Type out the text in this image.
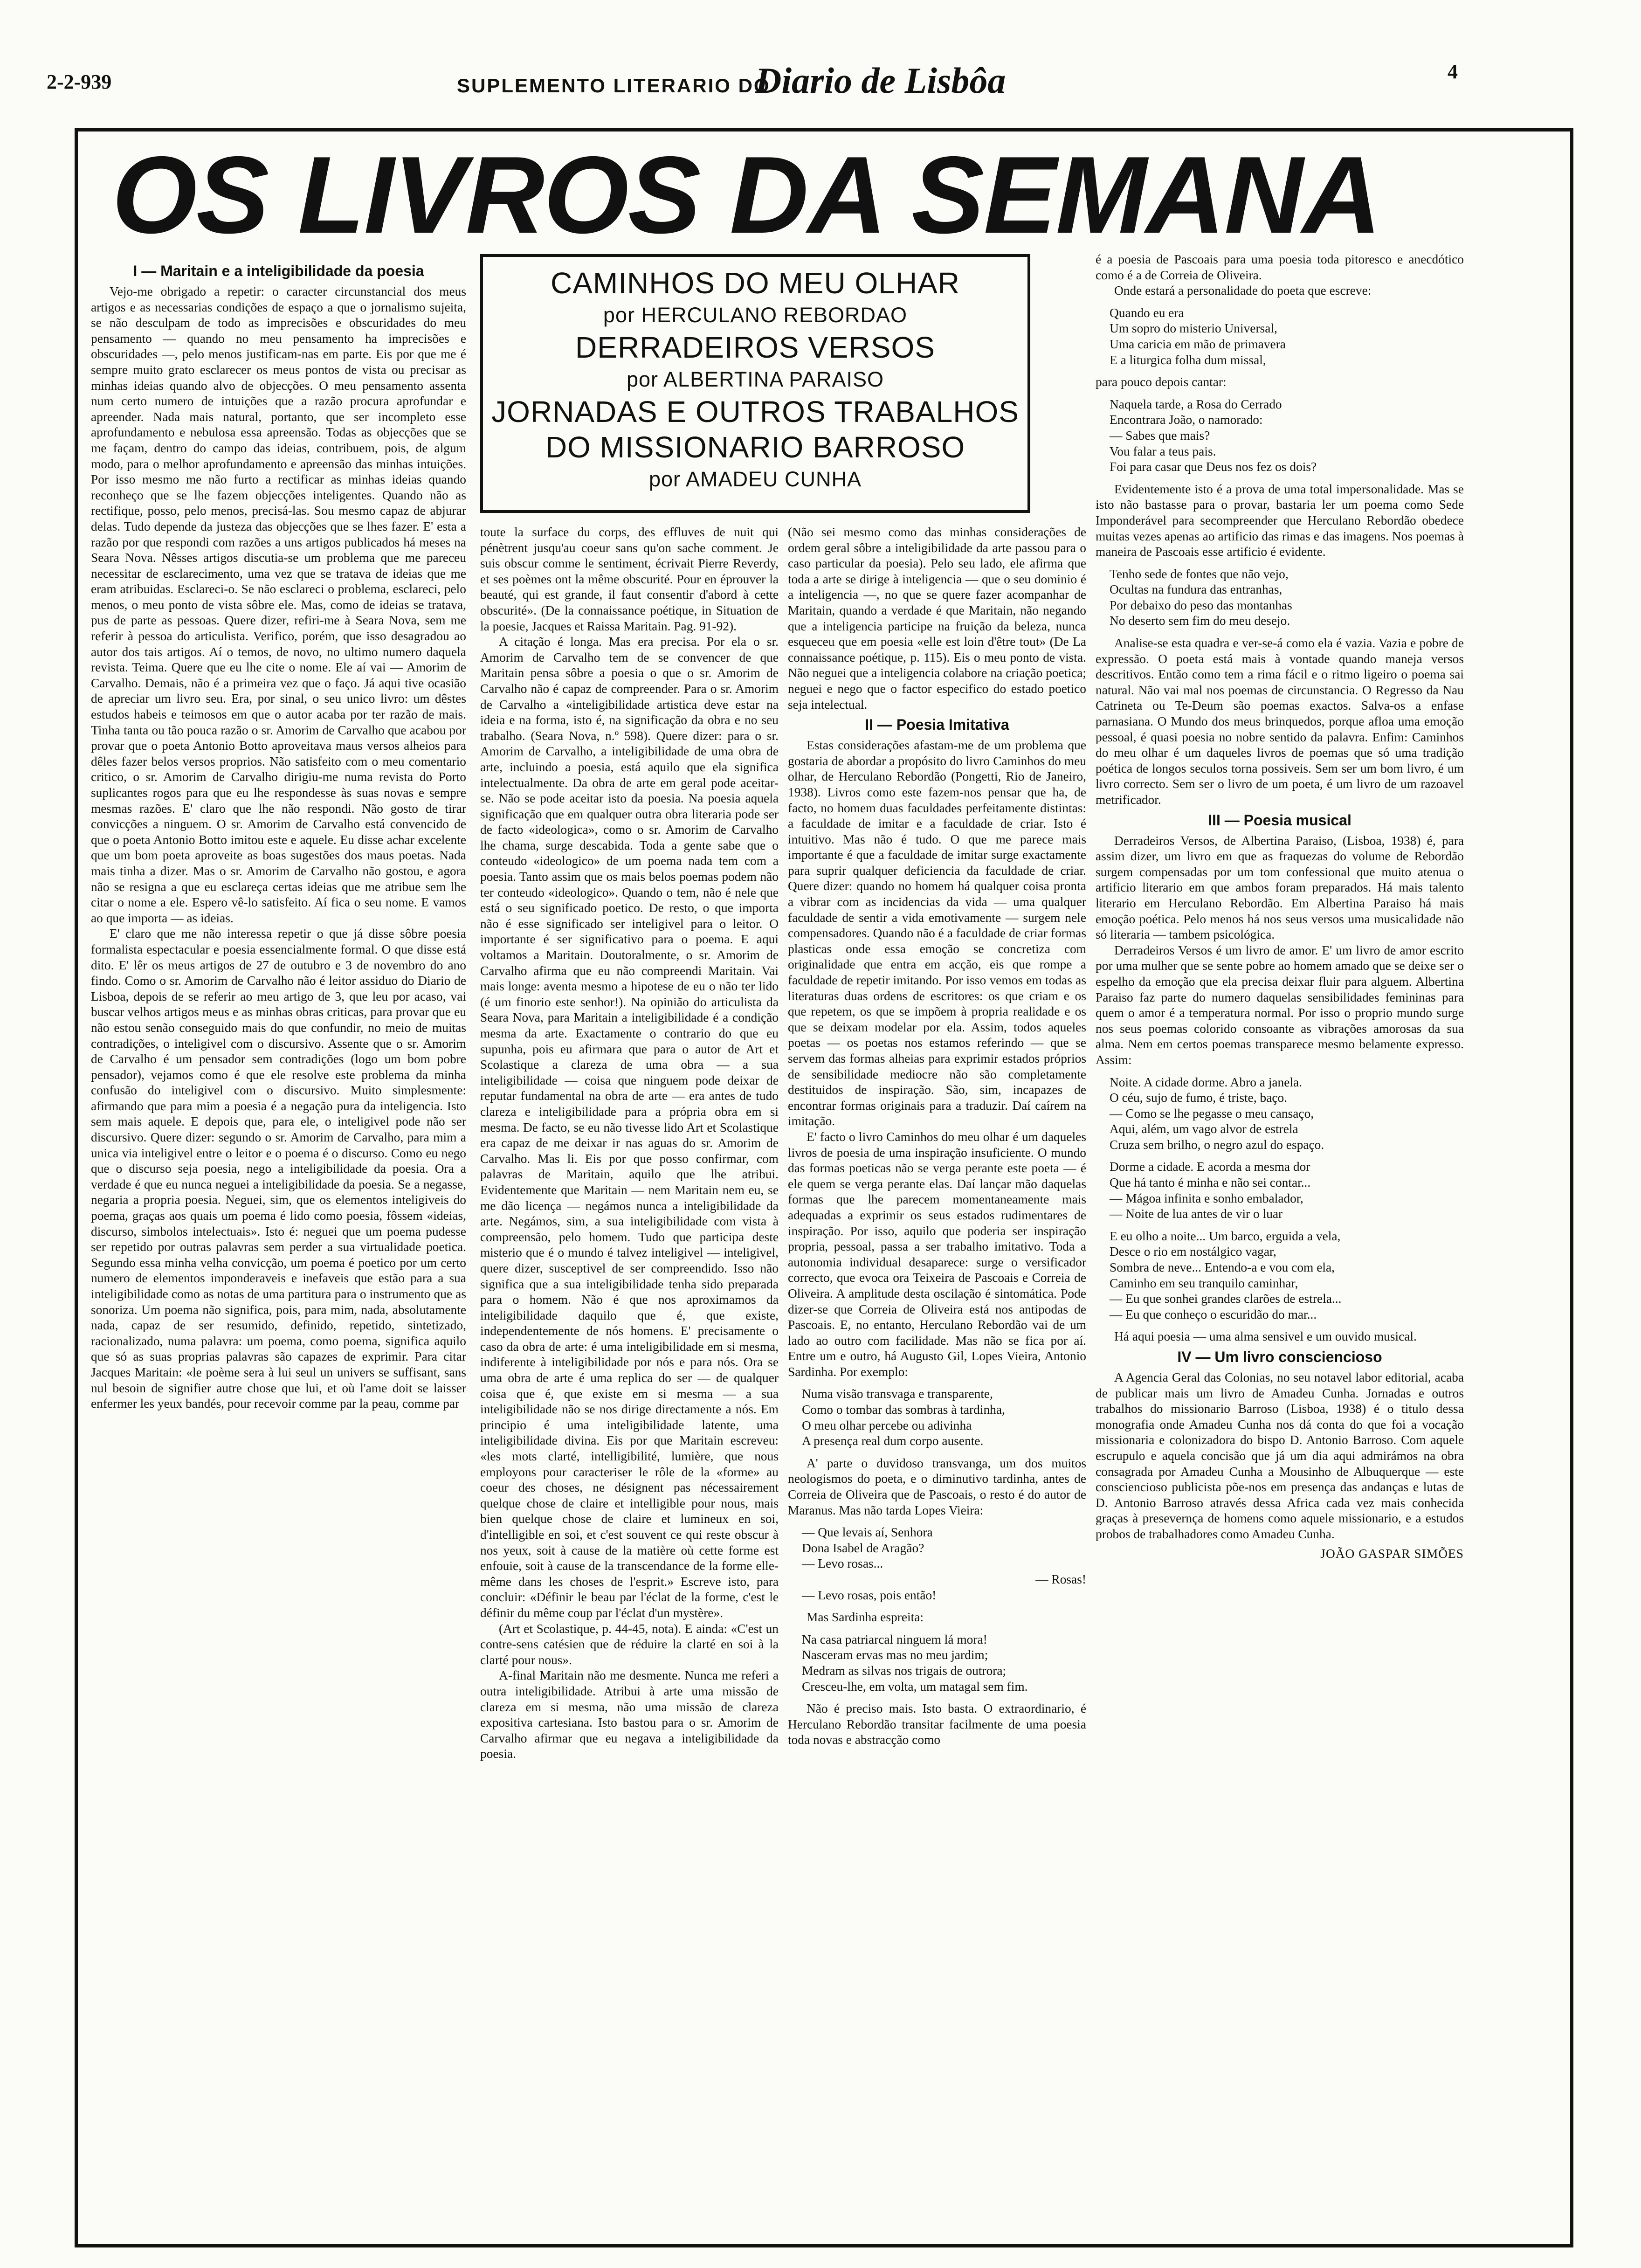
2-2-939	SUPLEMENTO LITERARIO DO
Diario de Lisbôa	4
OS LIVROS DA SEMANA
CAMINHOS DO MEU OLHAR
por HERCULANO REBORDAO
DERRADEIROS VERSOS
por ALBERTINA PARAISO
JORNADAS E OUTROS TRABALHOS
DO MISSIONARIO BARROSO
por AMADEU CUNHA
I — Maritain e a inteligibilidade da poesia

Vejo-me obrigado a repetir: o caracter circunstancial dos meus artigos e as necessarias condições de espaço a que o jornalismo sujeita, se não desculpam de todo as imprecisões e obscuridades do meu pensamento — quando no meu pensamento ha imprecisões e obscuridades —, pelo menos justificam-nas em parte. Eis por que me é sempre muito grato esclarecer os meus pontos de vista ou precisar as minhas ideias quando alvo de objecções. O meu pensamento assenta num certo numero de intuições que a razão procura aprofundar e apreender. Nada mais natural, portanto, que ser incompleto esse aprofundamento e nebulosa essa apreensão. Todas as objecções que se me façam, dentro do campo das ideias, contribuem, pois, de algum modo, para o melhor aprofundamento e apreensão das minhas intuições. Por isso mesmo me não furto a rectificar as minhas ideias quando reconheço que se lhe fazem objecções inteligentes. Quando não as rectifique, posso, pelo menos, precisá-las. Sou mesmo capaz de abjurar delas. Tudo depende da justeza das objecções que se lhes fazer. E' esta a razão por que respondi com razões a uns artigos publicados há meses na Seara Nova. Nêsses artigos discutia-se um problema que me pareceu necessitar de esclarecimento, uma vez que se tratava de ideias que me eram atribuidas. Esclareci-o. Se não esclareci o problema, esclareci, pelo menos, o meu ponto de vista sôbre ele. Mas, como de ideias se tratava, pus de parte as pessoas. Quere dizer, refiri-me à Seara Nova, sem me referir à pessoa do articulista. Verifico, porém, que isso desagradou ao autor dos tais artigos. Aí o temos, de novo, no ultimo numero daquela revista. Teima. Quere que eu lhe cite o nome. Ele aí vai — Amorim de Carvalho. Demais, não é a primeira vez que o faço. Já aqui tive ocasião de apreciar um livro seu. Era, por sinal, o seu unico livro: um dêstes estudos habeis e teimosos em que o autor acaba por ter razão de mais. Tinha tanta ou tão pouca razão o sr. Amorim de Carvalho que acabou por provar que o poeta Antonio Botto aproveitava maus versos alheios para dêles fazer belos versos proprios. Não satisfeito com o meu comentario critico, o sr. Amorim de Carvalho dirigiu-me numa revista do Porto suplicantes rogos para que eu lhe respondesse às suas novas e sempre mesmas razões. E' claro que lhe não respondi. Não gosto de tirar convicções a ninguem. O sr. Amorim de Carvalho está convencido de que o poeta Antonio Botto imitou este e aquele. Eu disse achar excelente que um bom poeta aproveite as boas sugestões dos maus poetas. Nada mais tinha a dizer. Mas o sr. Amorim de Carvalho não gostou, e agora não se resigna a que eu esclareça certas ideias que me atribue sem lhe citar o nome a ele. Espero vê-lo satisfeito. Aí fica o seu nome. E vamos ao que importa — as ideias.

E' claro que me não interessa repetir o que já disse sôbre poesia formalista espectacular e poesia essencialmente formal. O que disse está dito. E' lêr os meus artigos de 27 de outubro e 3 de novembro do ano findo. Como o sr. Amorim de Carvalho não é leitor assiduo do Diario de Lisboa, depois de se referir ao meu artigo de 3, que leu por acaso, vai buscar velhos artigos meus e as minhas obras criticas, para provar que eu não estou senão conseguido mais do que confundir, no meio de muitas contradições, o inteligivel com o discursivo. Assente que o sr. Amorim de Carvalho é um pensador sem contradições (logo um bom pobre pensador), vejamos como é que ele resolve este problema da minha confusão do inteligivel com o discursivo. Muito simplesmente: afirmando que para mim a poesia é a negação pura da inteligencia. Isto sem mais aquele. E depois que, para ele, o inteligivel pode não ser discursivo. Quere dizer: segundo o sr. Amorim de Carvalho, para mim a unica via inteligivel entre o leitor e o poema é o discurso. Como eu nego que o discurso seja poesia, nego a inteligibilidade da poesia. Ora a verdade é que eu nunca neguei a inteligibilidade da poesia. Se a negasse, negaria a propria poesia. Neguei, sim, que os elementos inteligiveis do poema, graças aos quais um poema é lido como poesia, fôssem «ideias, discurso, simbolos intelectuais». Isto é: neguei que um poema pudesse ser repetido por outras palavras sem perder a sua virtualidade poetica. Segundo essa minha velha convicção, um poema é poetico por um certo numero de elementos imponderaveis e inefaveis que estão para a sua inteligibilidade como as notas de uma partitura para o instrumento que as sonoriza. Um poema não significa, pois, para mim, nada, absolutamente nada, capaz de ser resumido, definido, repetido, sintetizado, racionalizado, numa palavra: um poema, como poema, significa aquilo que só as suas proprias palavras são capazes de exprimir. Para citar Jacques Maritain: «le poème sera à lui seul un univers se suffisant, sans nul besoin de signifier autre chose que lui, et où l'ame doit se laisser enfermer les yeux bandés, pour recevoir comme par la peau, comme par

toute la surface du corps, des effluves de nuit qui pénètrent jusqu'au coeur sans qu'on sache comment. Je suis obscur comme le sentiment, écrivait Pierre Reverdy, et ses poèmes ont la même obscurité. Pour en éprouver la beauté, qui est grande, il faut consentir d'abord à cette obscurité». (De la connaissance poétique, in Situation de la poesie, Jacques et Raissa Maritain. Pag. 91-92).

A citação é longa. Mas era precisa. Por ela o sr. Amorim de Carvalho tem de se convencer de que Maritain pensa sôbre a poesia o que o sr. Amorim de Carvalho não é capaz de compreender. Para o sr. Amorim de Carvalho a «inteligibilidade artistica deve estar na ideia e na forma, isto é, na significação da obra e no seu trabalho. (Seara Nova, n.º 598). Quere dizer: para o sr. Amorim de Carvalho, a inteligibilidade de uma obra de arte, incluindo a poesia, está aquilo que ela significa intelectualmente. Da obra de arte em geral pode aceitar-se. Não se pode aceitar isto da poesia. Na poesia aquela significação que em qualquer outra obra literaria pode ser de facto «ideologica», como o sr. Amorim de Carvalho lhe chama, surge descabida. Toda a gente sabe que o conteudo «ideologico» de um poema nada tem com a poesia. Tanto assim que os mais belos poemas podem não ter conteudo «ideologico». Quando o tem, não é nele que está o seu significado poetico. De resto, o que importa não é esse significado ser inteligivel para o leitor. O importante é ser significativo para o poema. E aqui voltamos a Maritain. Doutoralmente, o sr. Amorim de Carvalho afirma que eu não compreendi Maritain. Vai mais longe: aventa mesmo a hipotese de eu o não ter lido (é um finorio este senhor!). Na opinião do articulista da Seara Nova, para Maritain a inteligibilidade é a condição mesma da arte. Exactamente o contrario do que eu supunha, pois eu afirmara que para o autor de Art et Scolastique a clareza de uma obra — a sua inteligibilidade — coisa que ninguem pode deixar de reputar fundamental na obra de arte — era antes de tudo clareza e inteligibilidade para a própria obra em si mesma. De facto, se eu não tivesse lido Art et Scolastique era capaz de me deixar ir nas aguas do sr. Amorim de Carvalho. Mas li. Eis por que posso confirmar, com palavras de Maritain, aquilo que lhe atribui. Evidentemente que Maritain — nem Maritain nem eu, se me dão licença — negámos nunca a inteligibilidade da arte. Negámos, sim, a sua inteligibilidade com vista à compreensão, pelo homem. Tudo que participa deste misterio que é o mundo é talvez inteligivel — inteligivel, quere dizer, susceptivel de ser compreendido. Isso não significa que a sua inteligibilidade tenha sido preparada para o homem. Não é que nos aproximamos da inteligibilidade daquilo que é, que existe, independentemente de nós homens. E' precisamente o caso da obra de arte: é uma inteligibilidade em si mesma, indiferente à inteligibilidade por nós e para nós. Ora se uma obra de arte é uma replica do ser — de qualquer coisa que é, que existe em si mesma — a sua inteligibilidade não se nos dirige directamente a nós. Em principio é uma inteligibilidade latente, uma inteligibilidade divina. Eis por que Maritain escreveu: «les mots clarté, intelligibilité, lumière, que nous employons pour caracteriser le rôle de la «forme» au coeur des choses, ne désignent pas nécessairement quelque chose de claire et intelligible pour nous, mais bien quelque chose de claire et lumineux en soi, d'intelligible en soi, et c'est souvent ce qui reste obscur à nos yeux, soit à cause de la matière où cette forme est enfouie, soit à cause de la transcendance de la forme elle-même dans les choses de l'esprit.» Escreve isto, para concluir: «Définir le beau par l'éclat de la forme, c'est le définir du même coup par l'éclat d'un mystère».

(Art et Scolastique, p. 44-45, nota). E ainda: «C'est un contre-sens catésien que de réduire la clarté en soi à la clarté pour nous».

A-final Maritain não me desmente. Nunca me referi a outra inteligibilidade. Atribui à arte uma missão de clareza em si mesma, não uma missão de clareza expositiva cartesiana. Isto bastou para o sr. Amorim de Carvalho afirmar que eu negava a inteligibilidade da poesia.

(Não sei mesmo como das minhas considerações de ordem geral sôbre a inteligibilidade da arte passou para o caso particular da poesia). Pelo seu lado, ele afirma que toda a arte se dirige à inteligencia — que o seu dominio é a inteligencia —, no que se quere fazer acompanhar de Maritain, quando a verdade é que Maritain, não negando que a inteligencia participe na fruição da beleza, nunca esqueceu que em poesia «elle est loin d'être tout» (De La connaissance poétique, p. 115). Eis o meu ponto de vista. Não neguei que a inteligencia colabore na criação poetica; neguei e nego que o factor especifico do estado poetico seja intelectual.

II — Poesia Imitativa

Estas considerações afastam-me de um problema que gostaria de abordar a propósito do livro Caminhos do meu olhar, de Herculano Rebordão (Pongetti, Rio de Janeiro, 1938). Livros como este fazem-nos pensar que ha, de facto, no homem duas faculdades perfeitamente distintas: a faculdade de imitar e a faculdade de criar. Isto é intuitivo. Mas não é tudo. O que me parece mais importante é que a faculdade de imitar surge exactamente para suprir qualquer deficiencia da faculdade de criar. Quere dizer: quando no homem há qualquer coisa pronta a vibrar com as incidencias da vida — uma qualquer faculdade de sentir a vida emotivamente — surgem nele compensadores. Quando não é a faculdade de criar formas plasticas onde essa emoção se concretiza com originalidade que entra em acção, eis que rompe a faculdade de repetir imitando. Por isso vemos em todas as literaturas duas ordens de escritores: os que criam e os que repetem, os que se impõem à propria realidade e os que se deixam modelar por ela. Assim, todos aqueles poetas — os poetas nos estamos referindo — que se servem das formas alheias para exprimir estados próprios de sensibilidade mediocre não são completamente destituidos de inspiração. São, sim, incapazes de encontrar formas originais para a traduzir. Daí caírem na imitação.

E' facto o livro Caminhos do meu olhar é um daqueles livros de poesia de uma inspiração insuficiente. O mundo das formas poeticas não se verga perante este poeta — é ele quem se verga perante elas. Daí lançar mão daquelas formas que lhe parecem momentaneamente mais adequadas a exprimir os seus estados rudimentares de inspiração. Por isso, aquilo que poderia ser inspiração propria, pessoal, passa a ser trabalho imitativo. Toda a autonomia individual desaparece: surge o versificador correcto, que evoca ora Teixeira de Pascoais e Correia de Oliveira. A amplitude desta oscilação é sintomática. Pode dizer-se que Correia de Oliveira está nos antipodas de Pascoais. E, no entanto, Herculano Rebordão vai de um lado ao outro com facilidade. Mas não se fica por aí. Entre um e outro, há Augusto Gil, Lopes Vieira, Antonio Sardinha. Por exemplo:

Numa visão transvaga e transparente,
Como o tombar das sombras à tardinha,
O meu olhar percebe ou adivinha
A presença real dum corpo ausente.

A' parte o duvidoso transvanga, um dos muitos neologismos do poeta, e o diminutivo tardinha, antes de Correia de Oliveira que de Pascoais, o resto é do autor de Maranus. Mas não tarda Lopes Vieira:

— Que levais aí, Senhora
Dona Isabel de Aragão?
— Levo rosas...
— Rosas!
— Levo rosas, pois então!

Mas Sardinha espreita:

Na casa patriarcal ninguem lá mora!
Nasceram ervas mas no meu jardim;
Medram as silvas nos trigais de outrora;
Cresceu-lhe, em volta, um matagal sem fim.

Não é preciso mais. Isto basta. O extraordinario, é Herculano Rebordão transitar facilmente de uma poesia toda novas e abstracção como

é a poesia de Pascoais para uma poesia toda pitoresco e anecdótico como é a de Correia de Oliveira.

Onde estará a personalidade do poeta que escreve:

Quando eu era
Um sopro do misterio Universal,
Uma caricia em mão de primavera
E a liturgica folha dum missal,

para pouco depois cantar:

Naquela tarde, a Rosa do Cerrado
Encontrara João, o namorado:
— Sabes que mais?
Vou falar a teus pais.
Foi para casar que Deus nos fez os dois?

Evidentemente isto é a prova de uma total impersonalidade. Mas se isto não bastasse para o provar, bastaria ler um poema como Sede Imponderável para secompreender que Herculano Rebordão obedece muitas vezes apenas ao artificio das rimas e das imagens. Nos poemas à maneira de Pascoais esse artificio é evidente.

Tenho sede de fontes que não vejo,
Ocultas na fundura das entranhas,
Por debaixo do peso das montanhas
No deserto sem fim do meu desejo.

Analise-se esta quadra e ver-se-á como ela é vazia. Vazia e pobre de expressão. O poeta está mais à vontade quando maneja versos descritivos. Então como tem a rima fácil e o ritmo ligeiro o poema sai natural. Não vai mal nos poemas de circunstancia. O Regresso da Nau Catrineta ou Te-Deum são poemas exactos. Salva-os a enfase parnasiana. O Mundo dos meus brinquedos, porque afloa uma emoção pessoal, é quasi poesia no nobre sentido da palavra. Enfim: Caminhos do meu olhar é um daqueles livros de poemas que só uma tradição poética de longos seculos torna possiveis. Sem ser um bom livro, é um livro correcto. Sem ser o livro de um poeta, é um livro de um razoavel metrificador.

III — Poesia musical

Derradeiros Versos, de Albertina Paraiso, (Lisboa, 1938) é, para assim dizer, um livro em que as fraquezas do volume de Rebordão surgem compensadas por um tom confessional que muito atenua o artificio literario em que ambos foram preparados. Há mais talento literario em Herculano Rebordão. Em Albertina Paraiso há mais emoção poética. Pelo menos há nos seus versos uma musicalidade não só literaria — tambem psicológica.

Derradeiros Versos é um livro de amor. E' um livro de amor escrito por uma mulher que se sente pobre ao homem amado que se deixe ser o espelho da emoção que ela precisa deixar fluir para alguem. Albertina Paraiso faz parte do numero daquelas sensibilidades femininas para quem o amor é a temperatura normal. Por isso o proprio mundo surge nos seus poemas colorido consoante as vibrações amorosas da sua alma. Nem em certos poemas transparece mesmo belamente expresso. Assim:

Noite. A cidade dorme. Abro a janela.
O céu, sujo de fumo, é triste, baço.
— Como se lhe pegasse o meu cansaço,
Aqui, além, um vago alvor de estrela
Cruza sem brilho, o negro azul do espaço.
Dorme a cidade. E acorda a mesma dor
Que há tanto é minha e não sei contar...
— Mágoa infinita e sonho embalador,
— Noite de lua antes de vir o luar
E eu olho a noite... Um barco, erguida a vela,
Desce o rio em nostálgico vagar,
Sombra de neve... Entendo-a e vou com ela,
Caminho em seu tranquilo caminhar,
— Eu que sonhei grandes clarões de estrela...
— Eu que conheço o escuridão do mar...

Há aqui poesia — uma alma sensivel e um ouvido musical.

IV — Um livro consciencioso

A Agencia Geral das Colonias, no seu notavel labor editorial, acaba de publicar mais um livro de Amadeu Cunha. Jornadas e outros trabalhos do missionario Barroso (Lisboa, 1938) é o titulo dessa monografia onde Amadeu Cunha nos dá conta do que foi a vocação missionaria e colonizadora do bispo D. Antonio Barroso. Com aquele escrupulo e aquela concisão que já um dia aqui admirámos na obra consagrada por Amadeu Cunha a Mousinho de Albuquerque — este consciencioso publicista põe-nos em presença das andanças e lutas de D. Antonio Barroso através dessa Africa cada vez mais conhecida graças à presevernça de homens como aquele missionario, e a estudos probos de trabalhadores como Amadeu Cunha.

JOÃO GASPAR SIMÕES
